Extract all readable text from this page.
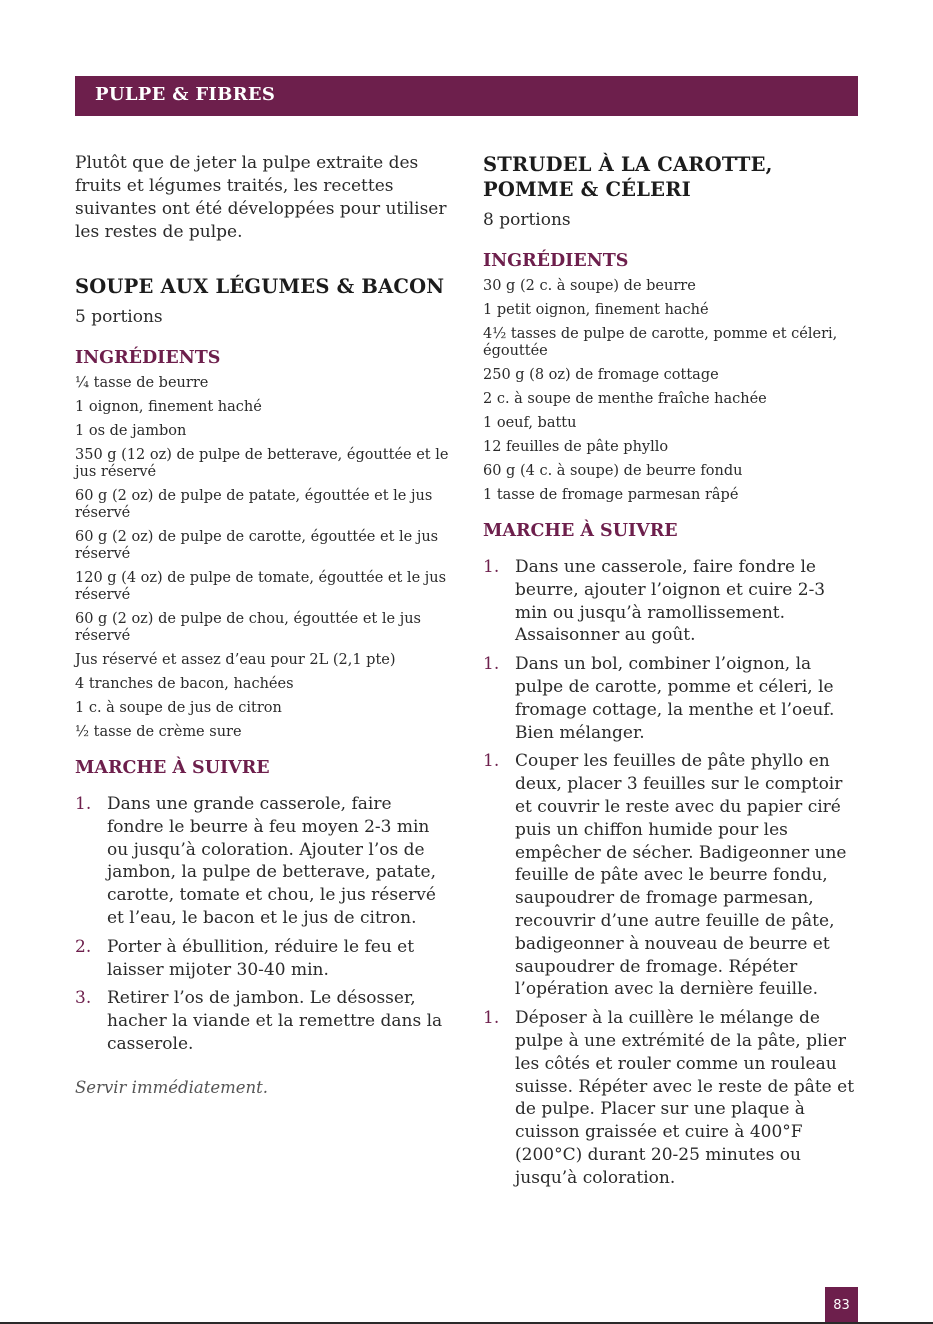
PULPE & FIBRES

Plutôt que de jeter la pulpe extraite des fruits et légumes traités, les recettes suivantes ont été développées pour utiliser les restes de pulpe.

SOUPE AUX LÉGUMES & BACON

5 portions

INGRÉDIENTS
¼ tasse de beurre
1 oignon, finement haché
1 os de jambon
350 g (12 oz) de pulpe de betterave, égouttée et le jus réservé
60 g (2 oz) de pulpe de patate, égouttée et le jus réservé
60 g (2 oz) de pulpe de carotte, égouttée et le jus réservé
120 g (4 oz) de pulpe de tomate, égouttée et le jus réservé
60 g (2 oz) de pulpe de chou, égouttée et le jus réservé
Jus réservé et assez d’eau pour 2L (2,1 pte)
4 tranches de bacon, hachées
1 c. à soupe de jus de citron
½ tasse de crème sure
MARCHE À SUIVRE
1. Dans une grande casserole, faire fondre le beurre à feu moyen 2-3 min ou jusqu’à coloration. Ajouter l’os de jambon, la pulpe de betterave, patate, carotte, tomate et chou, le jus réservé et l’eau, le bacon et le jus de citron.
2. Porter à ébullition, réduire le feu et laisser mijoter 30-40 min.
3. Retirer l’os de jambon. Le désosser, hacher la viande et la remettre dans la casserole.

Servir immédiatement.

STRUDEL À LA CAROTTE, POMME & CÉLERI

8 portions

INGRÉDIENTS
30 g (2 c. à soupe) de beurre
1 petit oignon, finement haché
4½ tasses de pulpe de carotte, pomme et céleri, égouttée
250 g (8 oz) de fromage cottage
2 c. à soupe de menthe fraîche hachée
1 oeuf, battu
12 feuilles de pâte phyllo
60 g (4 c. à soupe) de beurre fondu
1 tasse de fromage parmesan râpé
MARCHE À SUIVRE
1. Dans une casserole, faire fondre le beurre, ajouter l’oignon et cuire 2-3 min ou jusqu’à ramollissement. Assaisonner au goût.
1. Dans un bol, combiner l’oignon, la pulpe de carotte, pomme et céleri, le fromage cottage, la menthe et l’oeuf. Bien mélanger.
1. Couper les feuilles de pâte phyllo en deux, placer 3 feuilles sur le comptoir et couvrir le reste avec du papier ciré puis un chiffon humide pour les empêcher de sécher. Badigeonner une feuille de pâte avec le beurre fondu, saupoudrer de fromage parmesan, recouvrir d’une autre feuille de pâte, badigeonner à nouveau de beurre et saupoudrer de fromage. Répéter l’opération avec la dernière feuille.
1. Déposer à la cuillère le mélange de pulpe à une extrémité de la pâte, plier les côtés et rouler comme un rouleau suisse. Répéter avec le reste de pâte et de pulpe. Placer sur une plaque à cuisson graissée et cuire à 400°F (200°C) durant 20-25 minutes ou jusqu’à coloration.
83
